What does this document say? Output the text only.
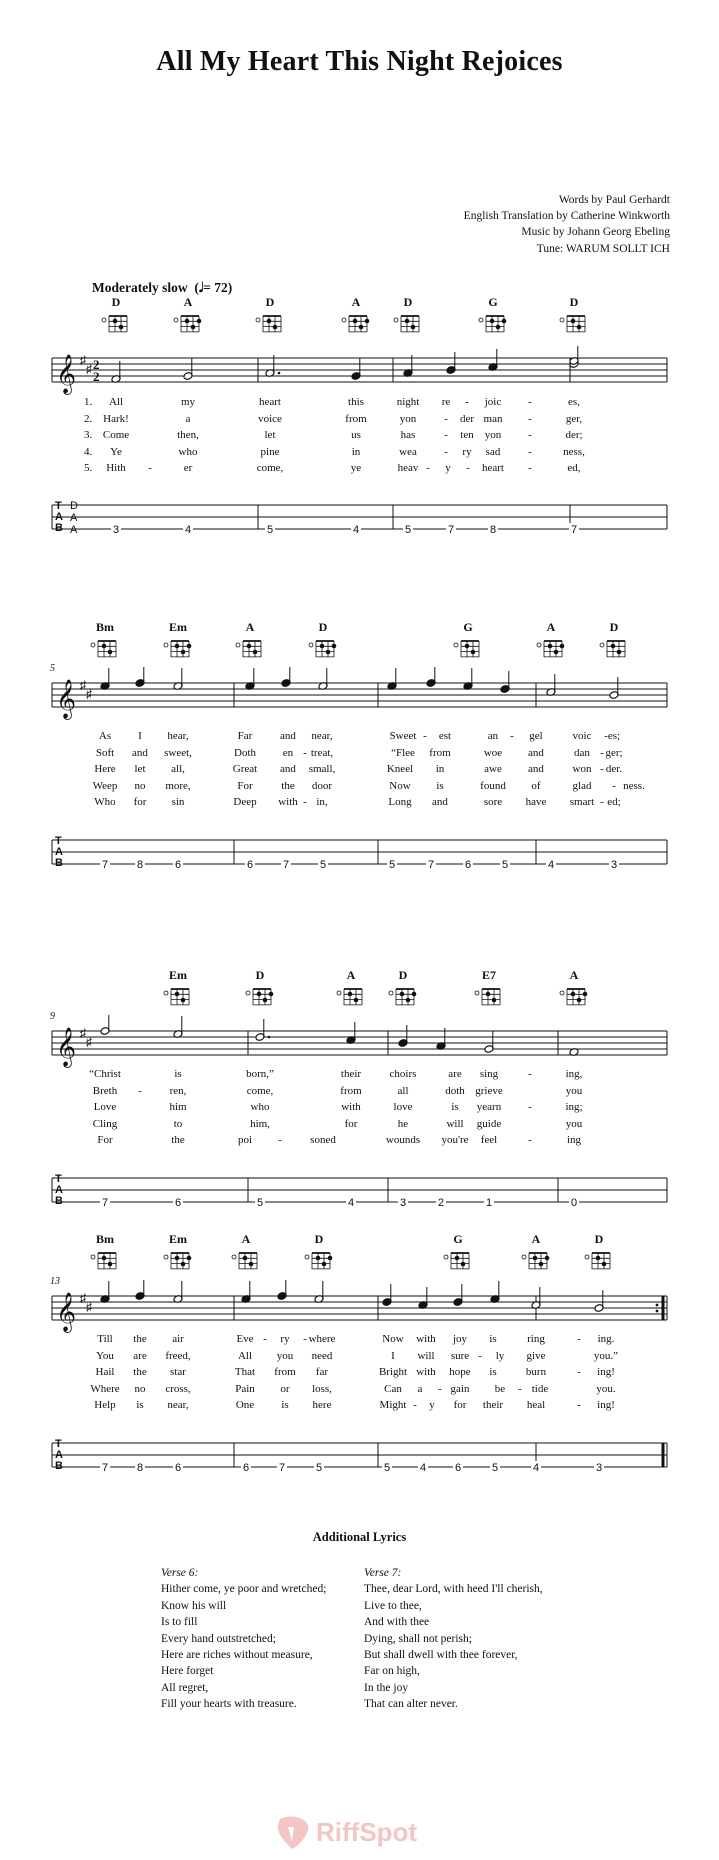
All My Heart This Night Rejoices
Words by Paul Gerhardt
English Translation by Catherine Winkworth
Music by Johann Georg Ebeling
Tune: WARUM SOLLT ICH
Moderately slow  (𝅘𝅥= 72)
D	A	D	A	D	G	D
𝄞 ♯
♯ 2
2
1.
2.
3.
4.
5.
All	my	heart	this	night re - joic -	es,
Hark!	a	voice	from	yon	- der man -	ger,
Come	then,	let	us	has	- ten yon -	der;
Ye	who	pine	in	wea - ry sad	-	ness,
Hith -	er	come,	ye	heav - y - heart -	ed,
T
A
B
D
A
A	3	4	5	4	5	7	8	7
Bm	Em	A	D	G	A	D
5
𝄞 ♯
♯
As I hear,	Far	and near,	Sweet - est	an - gel	voic - es;
Soft and sweet,	Doth en - treat,	“Flee from	woe and	dan - ger;
Here let all,	Great and small,	Kneel in	awe and	won - der.
Weep no more,	For	the door	Now is	found of	glad - ness.
Who for sin	Deep with - in,	Long and	sore have smart - ed;
T
A
B	7	8	6	6	7	5	5	7	6	5	4	3
Em	D	A	D	E7	A
9
𝄞 ♯
♯
“Christ	is	born,”	their	choirs	are sing	-	ing,
Breth -	ren,	come,	from	all	doth grieve	you
Love	him	who	with	love	is yearn -	ing;
Cling	to	him,	for	he	will guide	you
For	the	poi -	soned	wounds you're feel	-	ing
T
A
B	7	6	5	4	3	2	1	0
Bm	Em	A	D	G	A	D
13
𝄞 ♯
♯
Till the air	Eve - ry - where	Now with joy is	ring	- ing.
You are freed,	All you need	I will sure - ly give	you.”
Hail the star	That from far	Bright with hope is	burn	- ing!
Where no cross,	Pain or loss,	Can a - gain be - tide	you.
Help is near,	One is here	Might - y for their heal	- ing!
T
A
B	7	8	6	6	7	5	5	4	6	5	4	3
Additional Lyrics
Verse 6:
Hither come, ye poor and wretched;
Know his will
Is to fill
Every hand outstretched;
Here are riches without measure,
Here forget
All regret,
Fill your hearts with treasure.
Verse 7:
Thee, dear Lord, with heed I'll cherish,
Live to thee,
And with thee
Dying, shall not perish;
But shall dwell with thee forever,
Far on high,
In the joy
That can alter never.
RiffSpot
